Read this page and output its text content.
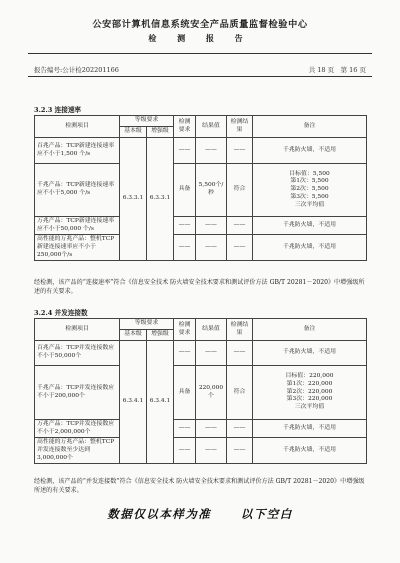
公安部计算机信息系统安全产品质量监督检验中心
检 测 报 告
报告编号:公计检202201166	共 18 页　第 16 页
3.2.3 连接速率
检测项目	等级要求		检测要求	结果值	检测结果	备注
	基本级	增强级				
百兆产品：TCP新建连接速率应不小于1,500 个/s	6.3.3.1	6.3.3.1	——	——	——	千兆防火墙，不适用
千兆产品：TCP新建连接速率应不小于5,000 个/s			具备	5,500个/秒	符合	目标值：5,500
第1次：5,500
第2次：5,500
第3次：5,500
三次平均值
万兆产品：TCP新建连接速率应不小于50,000 个/s			——	——	——	千兆防火墙，不适用
高性能的万兆产品：整机TCP新建连接速率应不小于250,000个/s			——	——	——	千兆防火墙，不适用
经检测，该产品的“连接速率”符合《信息安全技术 防火墙安全技术要求和测试评价方法 GB/T 20281－2020》中增强级所述的有关要求。
3.2.4 并发连接数
检测项目	等级要求		检测要求	结果值	检测结果	备注
	基本级	增强级				
百兆产品：TCP并发连接数应不小于50,000个	6.3.4.1	6.3.4.1	——	——	——	千兆防火墙，不适用
千兆产品：TCP并发连接数应不小于200,000个			具备	220,000个	符合	目标值：220,000
第1次：220,000
第2次：220,000
第3次：220,000
三次平均值
万兆产品：TCP并发连接数应不小于2,000,000个			——	——	——	千兆防火墙，不适用
高性能的万兆产品：整机TCP并发连接数至少达到3,000,000个			——	——	——	千兆防火墙，不适用
经检测，该产品的“并发连接数”符合《信息安全技术 防火墙安全技术要求和测试评价方法 GB/T 20281－2020》中增强级所述的有关要求。
数据仅以本样为准	以下空白
